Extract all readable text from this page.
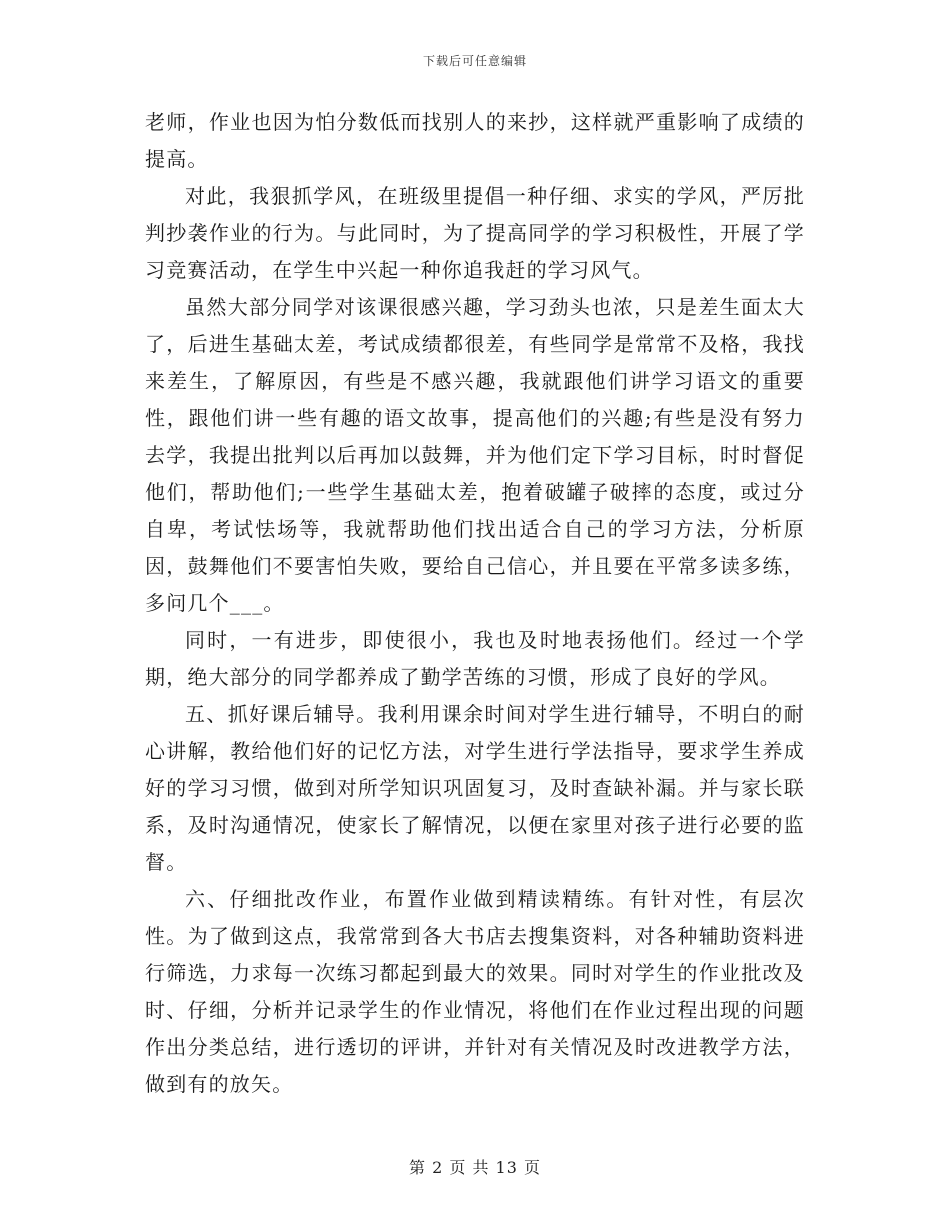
下载后可任意编辑

老师，作业也因为怕分数低而找别人的来抄，这样就严重影响了成绩的提高。

对此，我狠抓学风，在班级里提倡一种仔细、求实的学风，严厉批判抄袭作业的行为。与此同时，为了提高同学的学习积极性，开展了学习竞赛活动，在学生中兴起一种你追我赶的学习风气。

虽然大部分同学对该课很感兴趣，学习劲头也浓，只是差生面太大了，后进生基础太差，考试成绩都很差，有些同学是常常不及格，我找来差生，了解原因，有些是不感兴趣，我就跟他们讲学习语文的重要性，跟他们讲一些有趣的语文故事，提高他们的兴趣;有些是没有努力去学，我提出批判以后再加以鼓舞，并为他们定下学习目标，时时督促他们，帮助他们;一些学生基础太差，抱着破罐子破摔的态度，或过分自卑，考试怯场等，我就帮助他们找出适合自己的学习方法，分析原因，鼓舞他们不要害怕失败，要给自己信心，并且要在平常多读多练，多问几个___。

同时，一有进步，即使很小，我也及时地表扬他们。经过一个学期，绝大部分的同学都养成了勤学苦练的习惯，形成了良好的学风。

五、抓好课后辅导。我利用课余时间对学生进行辅导，不明白的耐心讲解，教给他们好的记忆方法，对学生进行学法指导，要求学生养成好的学习习惯，做到对所学知识巩固复习，及时查缺补漏。并与家长联系，及时沟通情况，使家长了解情况，以便在家里对孩子进行必要的监督。

六、仔细批改作业，布置作业做到精读精练。有针对性，有层次性。为了做到这点，我常常到各大书店去搜集资料，对各种辅助资料进行筛选，力求每一次练习都起到最大的效果。同时对学生的作业批改及时、仔细，分析并记录学生的作业情况，将他们在作业过程出现的问题作出分类总结，进行透切的评讲，并针对有关情况及时改进教学方法，做到有的放矢。

第 2 页 共 13 页
